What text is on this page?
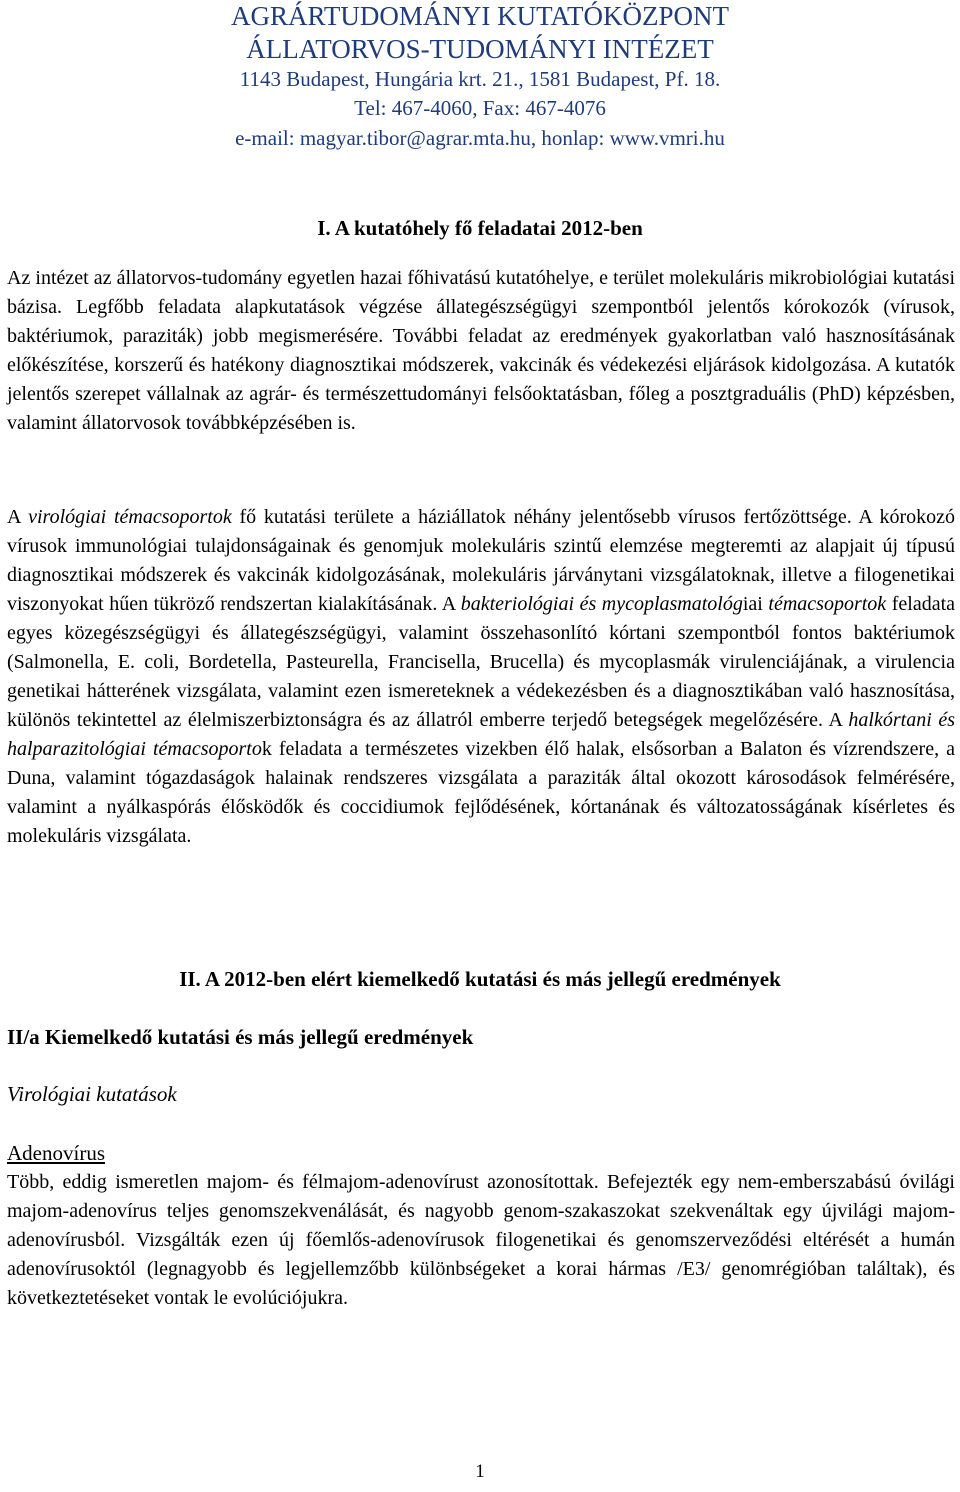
AGRÁRTUDOMÁNYI KUTATÓKÖZPONT
ÁLLATORVOS-TUDOMÁNYI INTÉZET
1143 Budapest, Hungária krt. 21., 1581 Budapest, Pf. 18.
Tel: 467-4060, Fax: 467-4076
e-mail: magyar.tibor@agrar.mta.hu, honlap: www.vmri.hu
I. A kutatóhely fő feladatai 2012-ben

Az intézet az állatorvos-tudomány egyetlen hazai főhivatású kutatóhelye, e terület molekuláris mikrobiológiai kutatási bázisa. Legfőbb feladata alapkutatások végzése állategészségügyi szempontból jelentős kórokozók (vírusok, baktériumok, paraziták) jobb megismerésére. További feladat az eredmények gyakorlatban való hasznosításának előkészítése, korszerű és hatékony diagnosztikai módszerek, vakcinák és védekezési eljárások kidolgozása. A kutatók jelentős szerepet vállalnak az agrár- és természettudományi felsőoktatásban, főleg a posztgraduális (PhD) képzésben, valamint állatorvosok továbbképzésében is.

A virológiai témacsoportok fő kutatási területe a háziállatok néhány jelentősebb vírusos fertőzöttsége. A kórokozó vírusok immunológiai tulajdonságainak és genomjuk molekuláris szintű elemzése megteremti az alapjait új típusú diagnosztikai módszerek és vakcinák kidolgozásának, molekuláris járványtani vizsgálatoknak, illetve a filogenetikai viszonyokat hűen tükröző rendszertan kialakításának. A bakteriológiai és mycoplasmatológiai témacsoportok feladata egyes közegészségügyi és állategészségügyi, valamint összehasonlító kórtani szempontból fontos baktériumok (Salmonella, E. coli, Bordetella, Pasteurella, Francisella, Brucella) és mycoplasmák virulenciájának, a virulencia genetikai hátterének vizsgálata, valamint ezen ismereteknek a védekezésben és a diagnosztikában való hasznosítása, különös tekintettel az élelmiszerbiztonságra és az állatról emberre terjedő betegségek megelőzésére. A halkórtani és halparazitológiai témacsoportok feladata a természetes vizekben élő halak, elsősorban a Balaton és vízrendszere, a Duna, valamint tógazdaságok halainak rendszeres vizsgálata a paraziták által okozott károsodások felmérésére, valamint a nyálkaspórás élősködők és coccidiumok fejlődésének, kórtanának és változatosságának kísérletes és molekuláris vizsgálata.

II. A 2012-ben elért kiemelkedő kutatási és más jellegű eredmények
II/a Kiemelkedő kutatási és más jellegű eredmények
Virológiai kutatások
Adenovírus

Több, eddig ismeretlen majom- és félmajom-adenovírust azonosítottak. Befejezték egy nem-emberszabású óvilági majom-adenovírus teljes genomszekvenálását, és nagyobb genom-szakaszokat szekvenáltak egy újvilági majom-adenovírusból. Vizsgálták ezen új főemlős-adenovírusok filogenetikai és genomszerveződési eltérését a humán adenovírusoktól (legnagyobb és legjellemzőbb különbségeket a korai hármas /E3/ genomrégióban találtak), és következtetéseket vontak le evolúciójukra.

1
